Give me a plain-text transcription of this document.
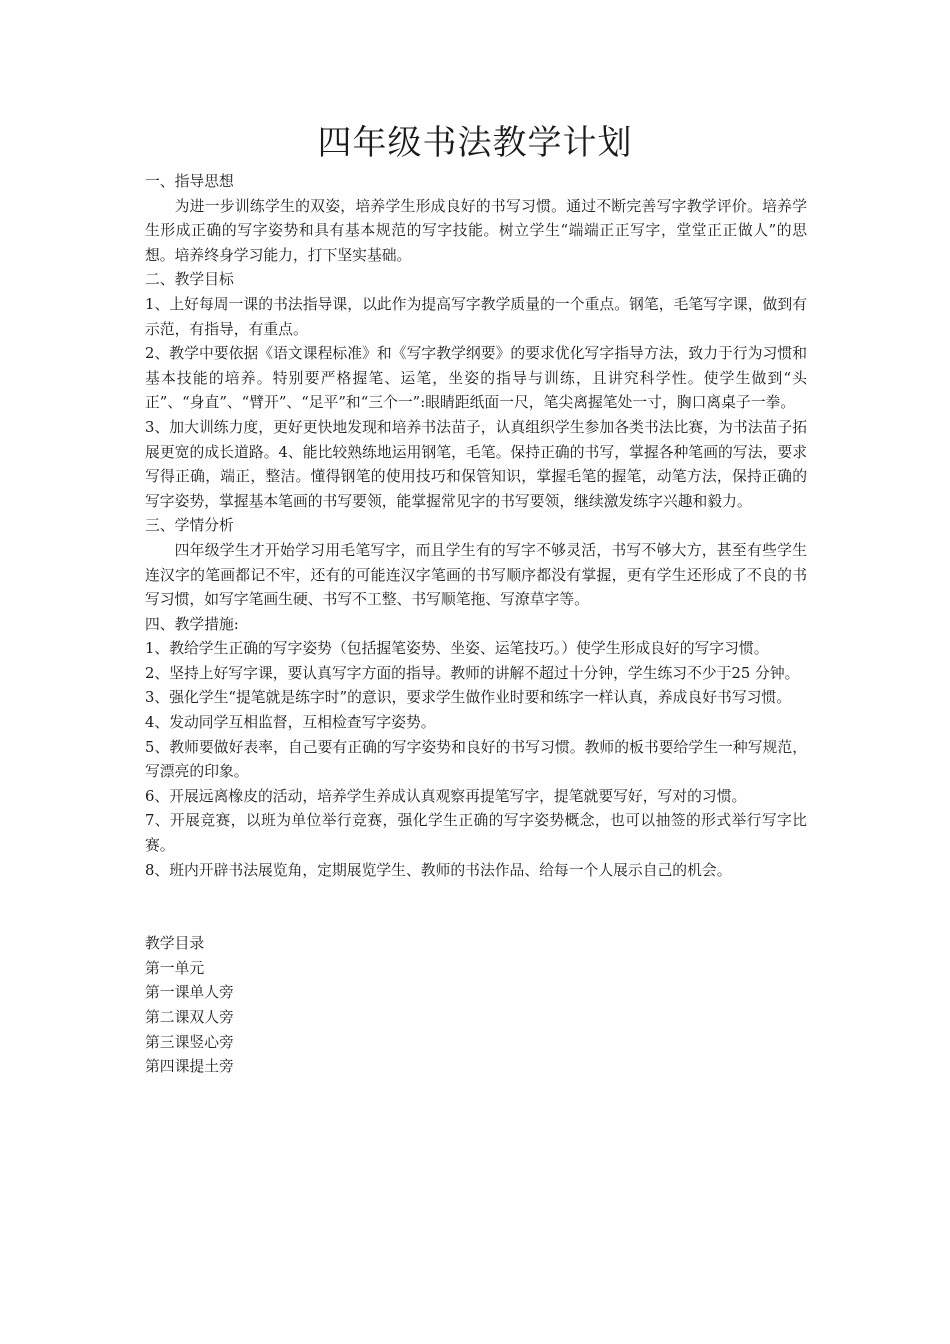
四年级书法教学计划

一、指导思想

为进一步训练学生的双姿，培养学生形成良好的书写习惯。通过不断完善写字教学评价。培养学生形成正确的写字姿势和具有基本规范的写字技能。树立学生“端端正正写字，堂堂正正做人”的思想。培养终身学习能力，打下坚实基础。

二、教学目标

1、上好每周一课的书法指导课，以此作为提高写字教学质量的一个重点。钢笔，毛笔写字课，做到有示范，有指导，有重点。

2、教学中要依据《语文课程标准》和《写字教学纲要》的要求优化写字指导方法，致力于行为习惯和基本技能的培养。特别要严格握笔、运笔，坐姿的指导与训练，且讲究科学性。使学生做到“头正”、“身直”、“臂开”、“足平”和“三个一”:眼睛距纸面一尺，笔尖离握笔处一寸，胸口离桌子一拳。

3、加大训练力度，更好更快地发现和培养书法苗子，认真组织学生参加各类书法比赛，为书法苗子拓展更宽的成长道路。4、能比较熟练地运用钢笔，毛笔。保持正确的书写，掌握各种笔画的写法，要求写得正确，端正，整洁。懂得钢笔的使用技巧和保管知识，掌握毛笔的握笔，动笔方法，保持正确的写字姿势，掌握基本笔画的书写要领，能掌握常见字的书写要领，继续激发练字兴趣和毅力。

三、学情分析

四年级学生才开始学习用毛笔写字，而且学生有的写字不够灵活，书写不够大方，甚至有些学生连汉字的笔画都记不牢，还有的可能连汉字笔画的书写顺序都没有掌握，更有学生还形成了不良的书写习惯，如写字笔画生硬、书写不工整、书写顺笔拖、写潦草字等。

四、教学措施:

1、教给学生正确的写字姿势（包括握笔姿势、坐姿、运笔技巧。）使学生形成良好的写字习惯。

2、坚持上好写字课，要认真写字方面的指导。教师的讲解不超过十分钟，学生练习不少于25 分钟。

3、强化学生“提笔就是练字时”的意识，要求学生做作业时要和练字一样认真，养成良好书写习惯。

4、发动同学互相监督，互相检查写字姿势。

5、教师要做好表率，自己要有正确的写字姿势和良好的书写习惯。教师的板书要给学生一种写规范，写漂亮的印象。

6、开展远离橡皮的活动，培养学生养成认真观察再提笔写字，提笔就要写好，写对的习惯。

7、开展竞赛，以班为单位举行竞赛，强化学生正确的写字姿势概念，也可以抽签的形式举行写字比赛。

8、班内开辟书法展览角，定期展览学生、教师的书法作品、给每一个人展示自己的机会。

教学目录

第一单元

第一课单人旁

第二课双人旁

第三课竖心旁

第四课提土旁
